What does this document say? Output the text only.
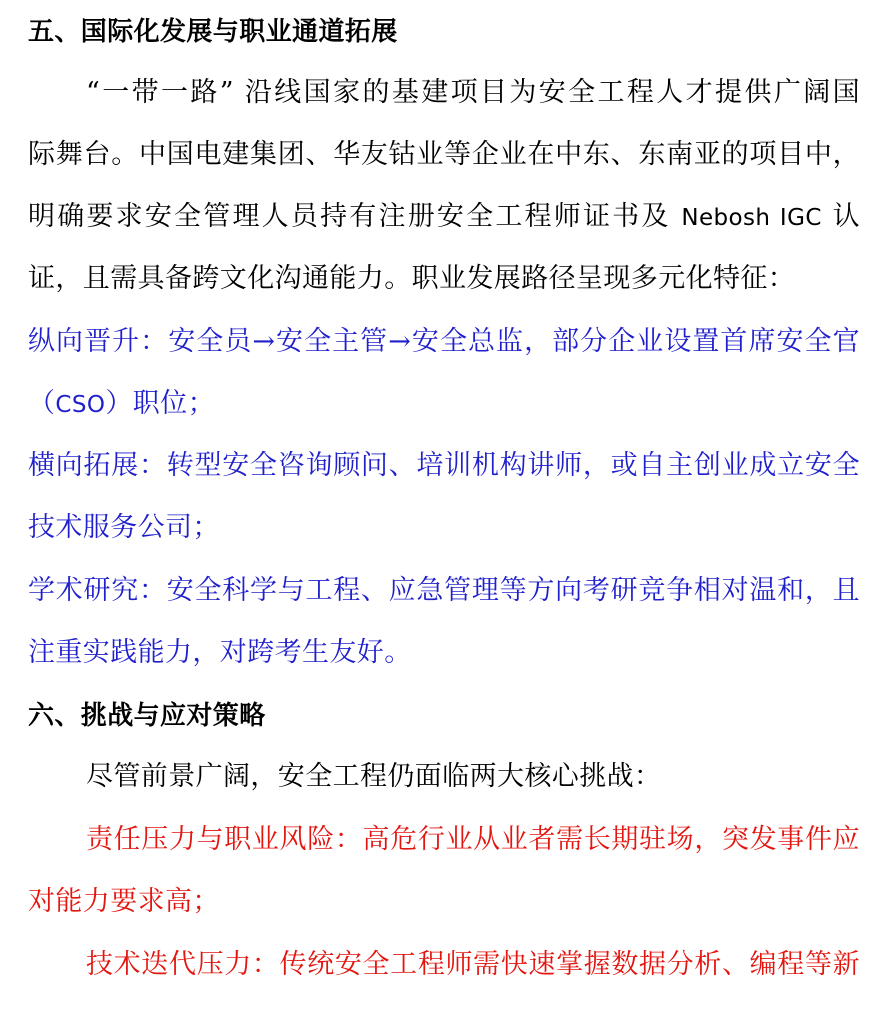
五、国际化发展与职业通道拓展
“一带一路” 沿线国家的基建项目为安全工程人才提供广阔国
际舞台。中国电建集团、华友钴业等企业在中东、东南亚的项目中，
明确要求安全管理人员持有注册安全工程师证书及 Nebosh IGC 认
证，且需具备跨文化沟通能力。职业发展路径呈现多元化特征：
纵向晋升：安全员→安全主管→安全总监，部分企业设置首席安全官
（CSO）职位；
横向拓展：转型安全咨询顾问、培训机构讲师，或自主创业成立安全
技术服务公司；
学术研究：安全科学与工程、应急管理等方向考研竞争相对温和，且
注重实践能力，对跨考生友好。
六、挑战与应对策略
尽管前景广阔，安全工程仍面临两大核心挑战：
责任压力与职业风险：高危行业从业者需长期驻场，突发事件应
对能力要求高；
技术迭代压力：传统安全工程师需快速掌握数据分析、编程等新
